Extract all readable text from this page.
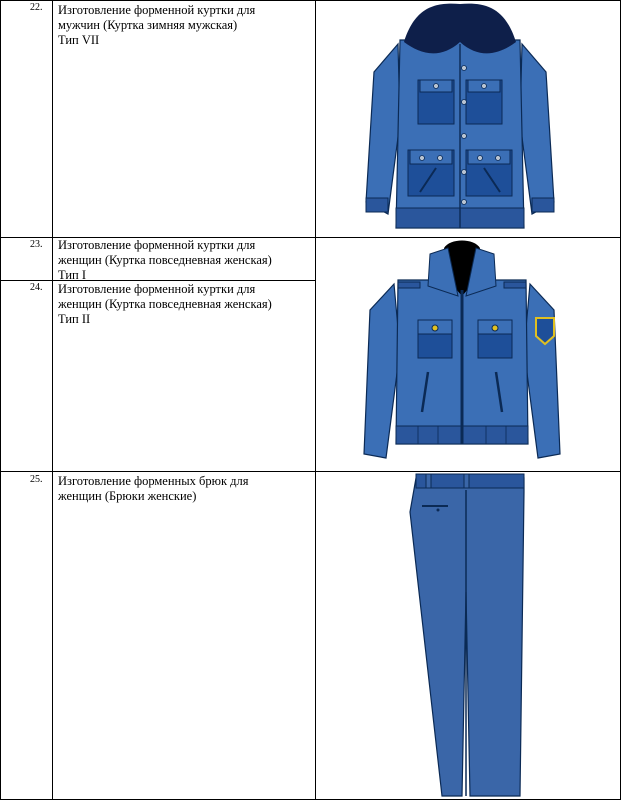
22. Изготовление форменной куртки для
мужчин (Куртка зимняя мужская)
Тип VII
23. Изготовление форменной куртки для
женщин (Куртка повседневная женская)
Тип I
24. Изготовление форменной куртки для
женщин (Куртка повседневная женская)
Тип II
25. Изготовление форменных брюк для
женщин (Брюки женские)
